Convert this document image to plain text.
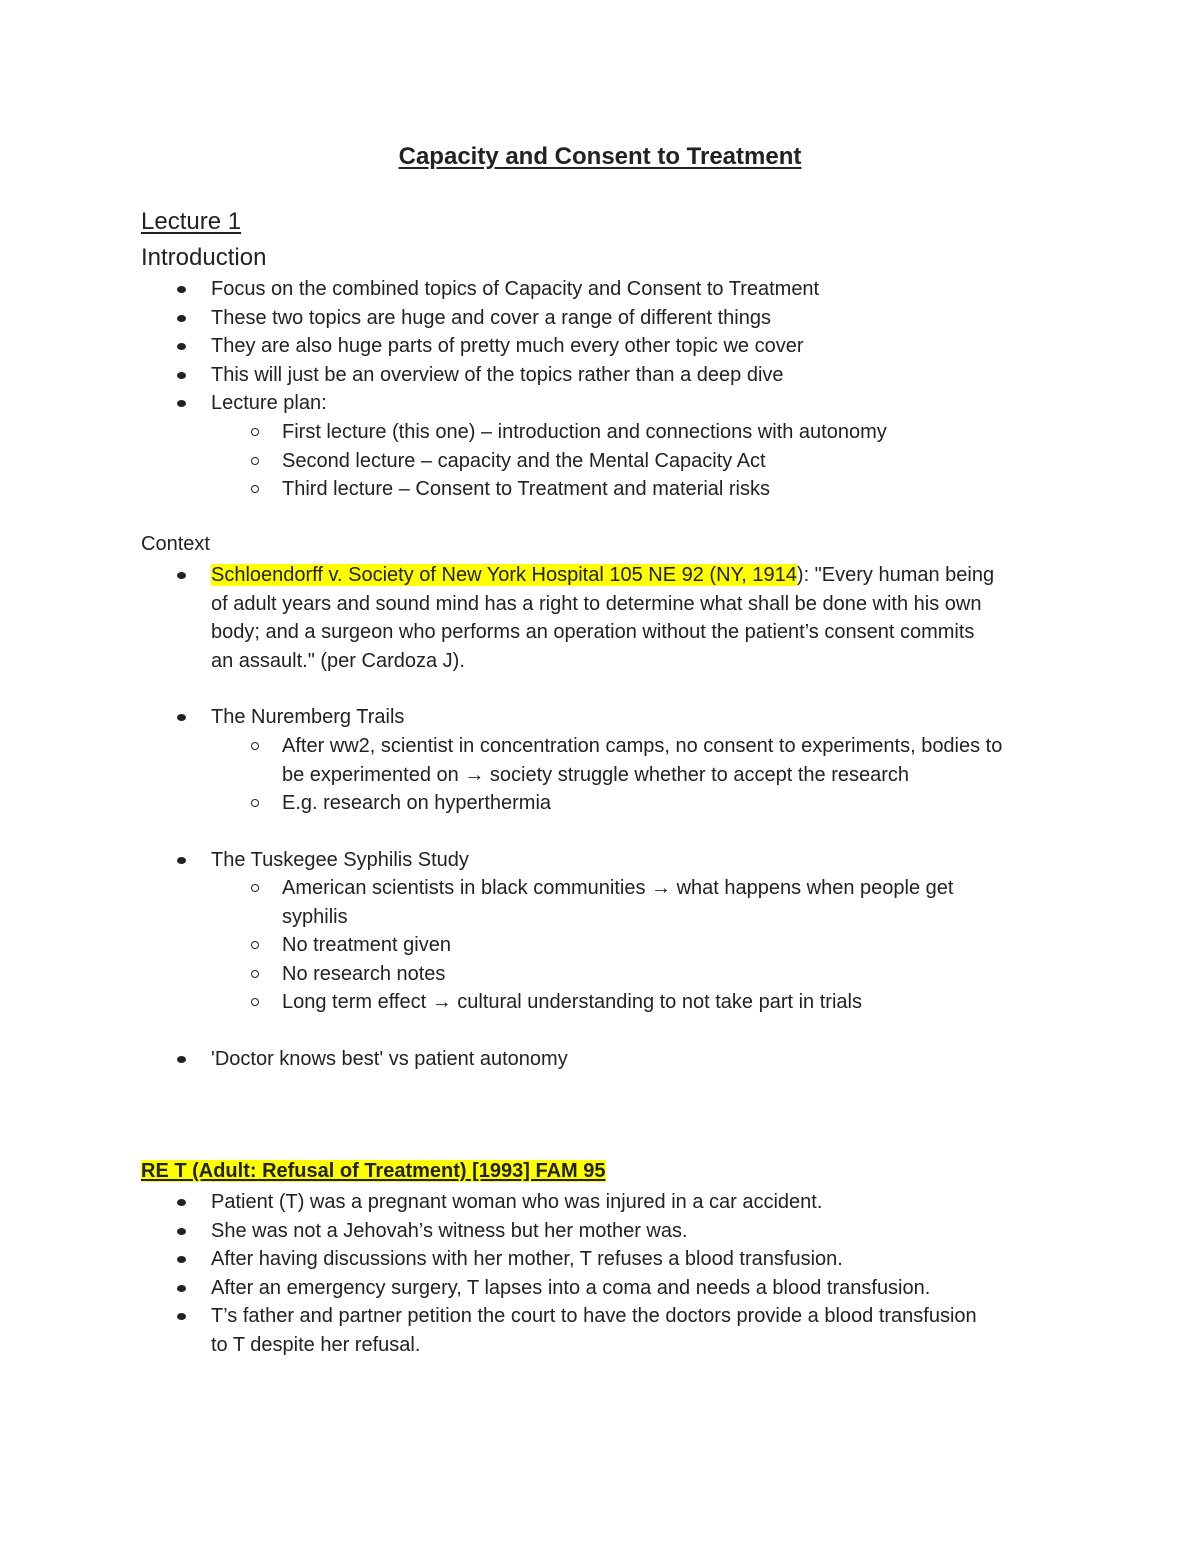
Capacity and Consent to Treatment
Lecture 1
Introduction
Focus on the combined topics of Capacity and Consent to Treatment
These two topics are huge and cover a range of different things
They are also huge parts of pretty much every other topic we cover
This will just be an overview of the topics rather than a deep dive
Lecture plan:
First lecture (this one) – introduction and connections with autonomy
Second lecture – capacity and the Mental Capacity Act
Third lecture – Consent to Treatment and material risks
Context
Schloendorff v. Society of New York Hospital 105 NE 92 (NY, 1914): "Every human being
of adult years and sound mind has a right to determine what shall be done with his own
body; and a surgeon who performs an operation without the patient’s consent commits
an assault." (per Cardoza J).
The Nuremberg Trails
After ww2, scientist in concentration camps, no consent to experiments, bodies to
be experimented on → society struggle whether to accept the research
E.g. research on hyperthermia
The Tuskegee Syphilis Study
American scientists in black communities → what happens when people get
syphilis
No treatment given
No research notes
Long term effect → cultural understanding to not take part in trials
'Doctor knows best' vs patient autonomy
RE T (Adult: Refusal of Treatment) [1993] FAM 95
Patient (T) was a pregnant woman who was injured in a car accident.
She was not a Jehovah’s witness but her mother was.
After having discussions with her mother, T refuses a blood transfusion.
After an emergency surgery, T lapses into a coma and needs a blood transfusion.
T’s father and partner petition the court to have the doctors provide a blood transfusion
to T despite her refusal.
